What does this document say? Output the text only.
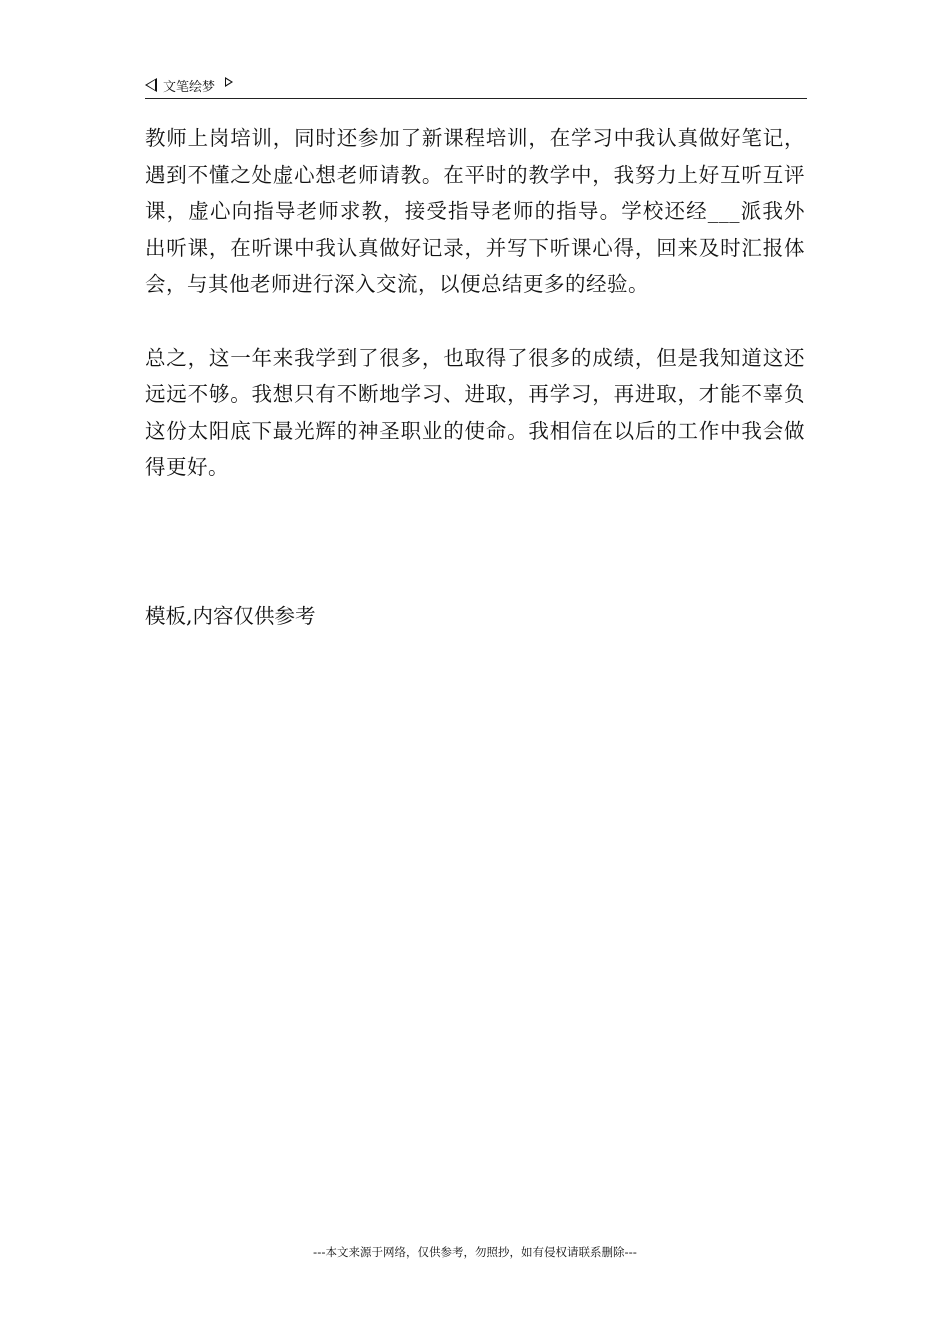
文笔绘梦

教师上岗培训，同时还参加了新课程培训，在学习中我认真做好笔记，遇到不懂之处虚心想老师请教。在平时的教学中，我努力上好互听互评课，虚心向指导老师求教，接受指导老师的指导。学校还经___派我外出听课，在听课中我认真做好记录，并写下听课心得，回来及时汇报体会，与其他老师进行深入交流，以便总结更多的经验。

总之，这一年来我学到了很多，也取得了很多的成绩，但是我知道这还远远不够。我想只有不断地学习、进取，再学习，再进取，才能不辜负这份太阳底下最光辉的神圣职业的使命。我相信在以后的工作中我会做得更好。

模板,内容仅供参考
---本文来源于网络，仅供参考，勿照抄，如有侵权请联系删除---
